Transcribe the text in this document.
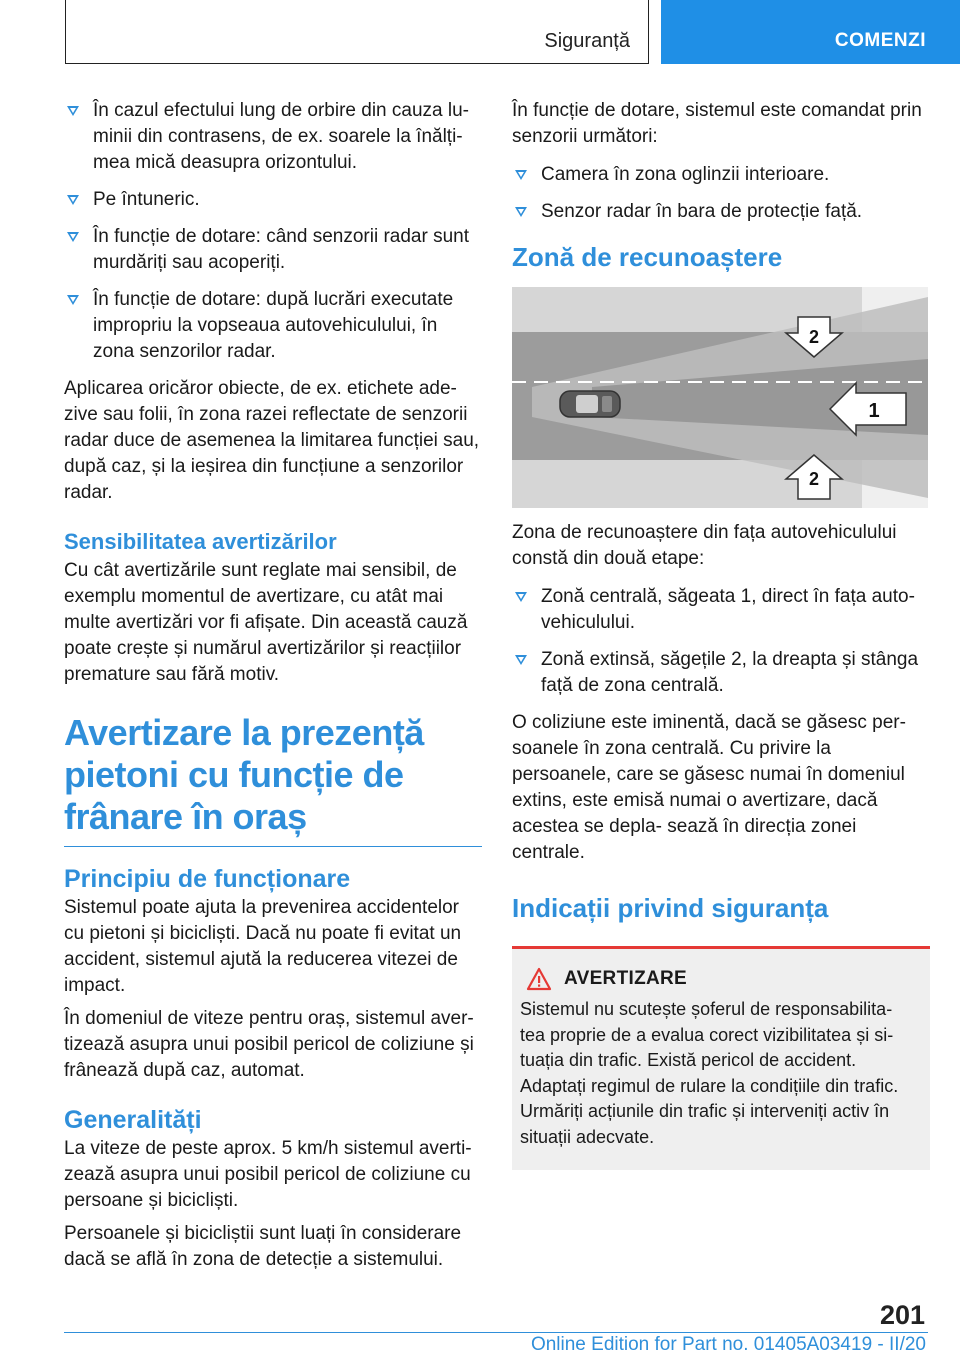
Siguranță	COMENZI
În cazul efectului lung de orbire din cauza lu‐ minii din contrasens, de ex. soarele la înălți‐ mea mică deasupra orizontului.
Pe întuneric.
În funcție de dotare: când senzorii radar sunt murdăriți sau acoperiți.
În funcție de dotare: după lucrări executate impropriu la vopseaua autovehiculului, în zona senzorilor radar.

Aplicarea oricăror obiecte, de ex. etichete ade‐ zive sau folii, în zona razei reflectate de senzorii radar duce de asemenea la limitarea funcției sau, după caz, și la ieșirea din funcțiune a senzorilor radar.

Sensibilitatea avertizărilor

Cu cât avertizările sunt reglate mai sensibil, de exemplu momentul de avertizare, cu atât mai multe avertizări vor fi afișate. Din această cauză poate crește și numărul avertizărilor și reacțiilor premature sau fără motiv.

Avertizare la prezență pietoni cu funcție de frânare în oraș
Principiu de funcționare

Sistemul poate ajuta la prevenirea accidentelor cu pietoni și bicicliști. Dacă nu poate fi evitat un accident, sistemul ajută la reducerea vitezei de impact.

În domeniul de viteze pentru oraș, sistemul aver‐ tizează asupra unui posibil pericol de coliziune și frânează după caz, automat.

Generalități

La viteze de peste aprox. 5 km/h sistemul averti‐ zează asupra unui posibil pericol de coliziune cu persoane și bicicliști.

Persoanele și bicicliștii sunt luați în considerare dacă se află în zona de detecție a sistemului.

În funcție de dotare, sistemul este comandat prin senzorii următori:

Camera în zona oglinzii interioare.
Senzor radar în bara de protecție față.
Zonă de recunoaștere
2
1
2

Zona de recunoaștere din fața autovehiculului constă din două etape:

Zonă centrală, săgeata 1, direct în fața auto‐ vehiculului.
Zonă extinsă, săgețile 2, la dreapta și stânga față de zona centrală.

O coliziune este iminentă, dacă se găsesc per‐ soanele în zona centrală. Cu privire la persoanele, care se găsesc numai în domeniul extins, este emisă numai o avertizare, dacă acestea se depla‐ sează în direcția zonei centrale.

Indicații privind siguranța
AVERTIZARE

Sistemul nu scutește șoferul de responsabilita‐ tea proprie de a evalua corect vizibilitatea și si‐ tuația din trafic. Există pericol de accident. Adaptați regimul de rulare la condițiile din trafic. Urmăriți acțiunile din trafic și interveniți activ în situații adecvate.

201
Online Edition for Part no. 01405A03419 - II/20
